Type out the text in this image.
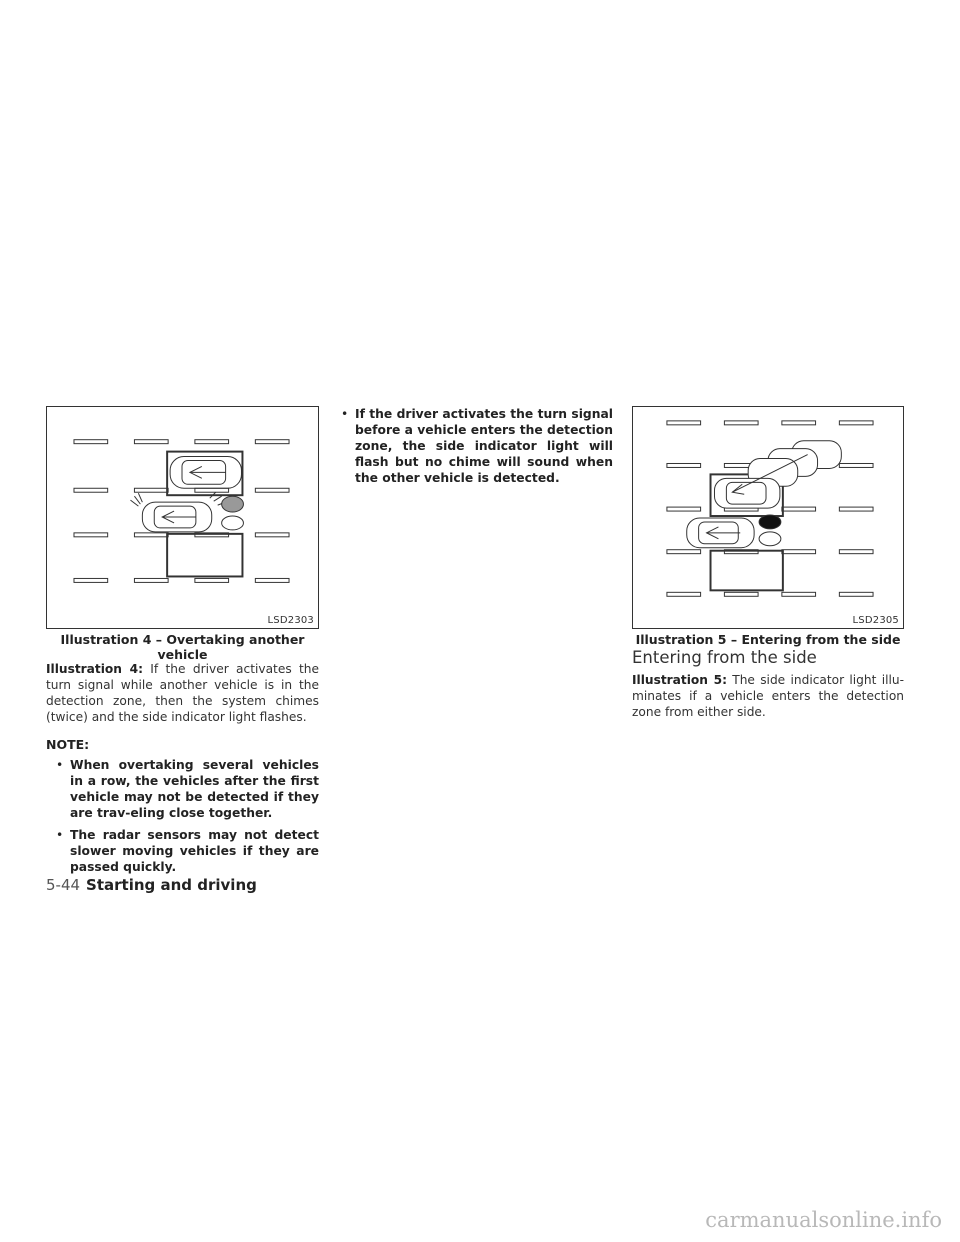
LSD2303
Illustration 4 – Overtaking another
vehicle

Illustration 4: If the driver activates the turn signal while another vehicle is in the detection zone, then the system chimes (twice) and the side indicator light flashes.

NOTE:

• When overtaking several vehicles in a row, the vehicles after the first vehicle may not be detected if they are trav-eling close together.

• The radar sensors may not detect slower moving vehicles if they are passed quickly.

• If the driver activates the turn signal before a vehicle enters the detection zone, the side indicator light will flash but no chime will sound when the other vehicle is detected.

LSD2305
Illustration 5 – Entering from the side
Entering from the side

Illustration 5: The side indicator light illu-minates if a vehicle enters the detection zone from either side.

5-44 Starting and driving
carmanualsonline.info
